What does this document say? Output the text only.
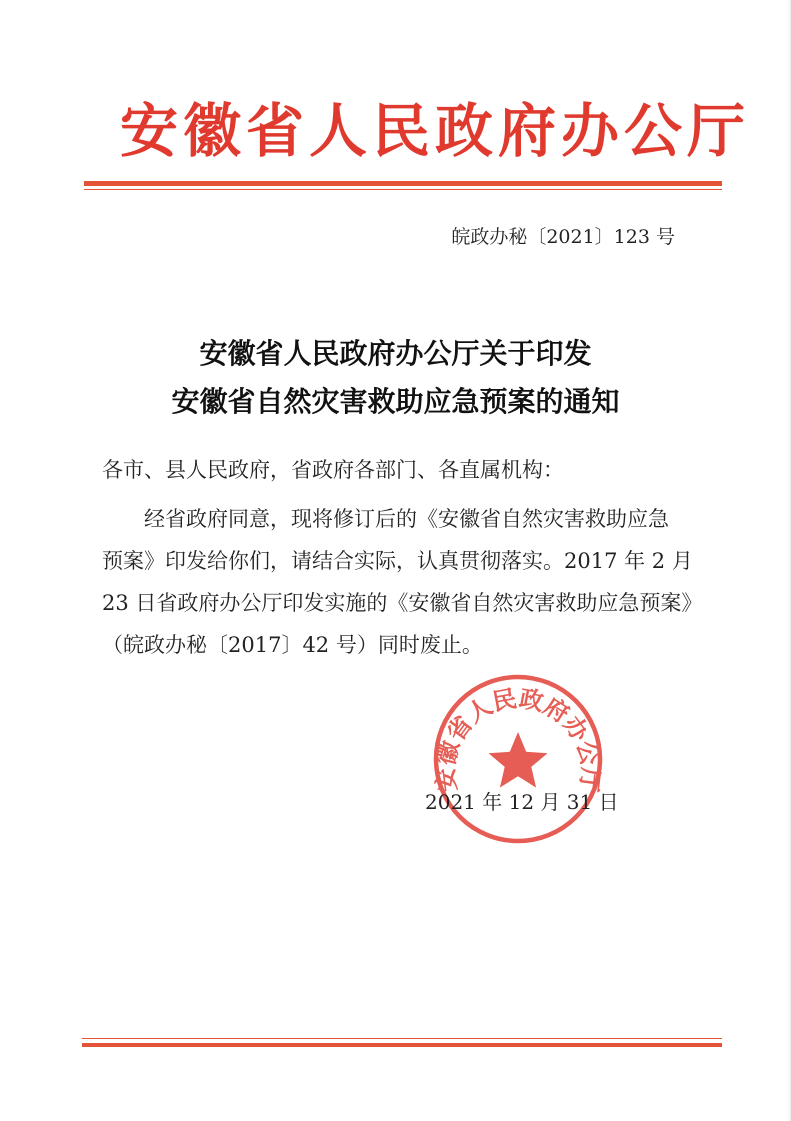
安徽省人民政府办公厅
皖政办秘〔2021〕123 号
安徽省人民政府办公厅关于印发
安徽省自然灾害救助应急预案的通知
各市、县人民政府，省政府各部门、各直属机构：
经省政府同意，现将修订后的《安徽省自然灾害救助应急
预案》印发给你们，请结合实际，认真贯彻落实。2017 年 2 月
23 日省政府办公厅印发实施的《安徽省自然灾害救助应急预案》
（皖政办秘〔2017〕42 号）同时废止。
安徽省人民政府办公厅
2021 年 12 月 31 日
